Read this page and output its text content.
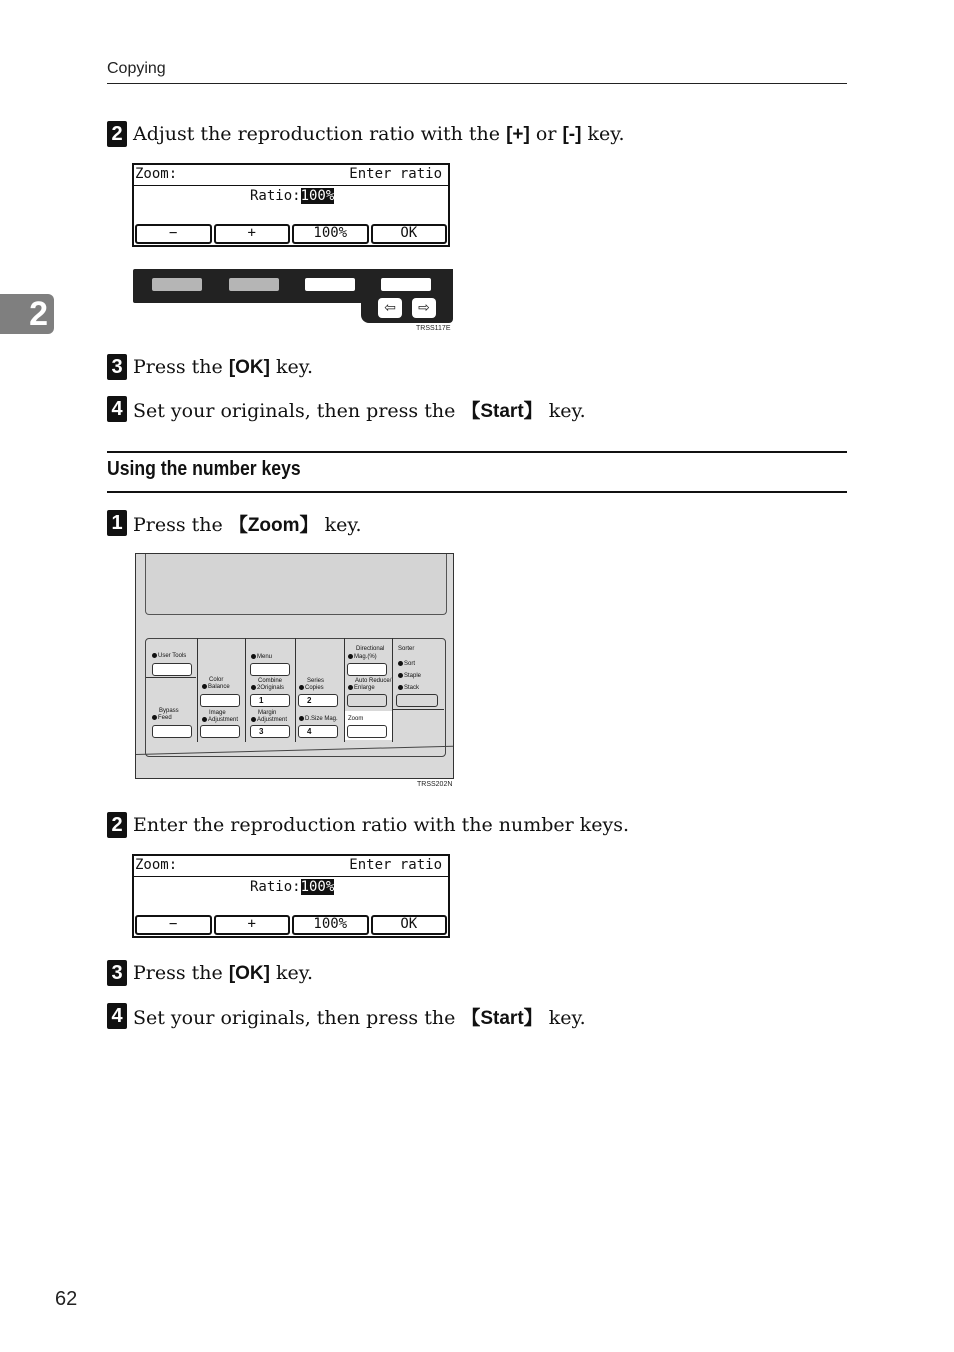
Copying
2
2 Adjust the reproduction ratio with the [+] or [-] key.
Zoom:	Enter ratio
Ratio:100%
−	+	100%	OK
⇦	⇨
TRSS117E
3 Press the [OK] key.
4 Set your originals, then press the 【Start】 key.
Using the number keys
1 Press the 【Zoom】 key.
User Tools
Bypass
Feed
Color
Balance
Image
Adjustment
Menu
Combine
2Originals
1
Margin
Adjustment
3
Series
Copies
2
D.Size Mag.
4
Directional
Mag.(%)
Auto Reduce/
Enlarge
Zoom
Sorter
Sort
Staple
Stack
TRSS202N
2 Enter the reproduction ratio with the number keys.
Zoom:	Enter ratio
Ratio:100%
−	+	100%	OK
3 Press the [OK] key.
4 Set your originals, then press the 【Start】 key.
62
